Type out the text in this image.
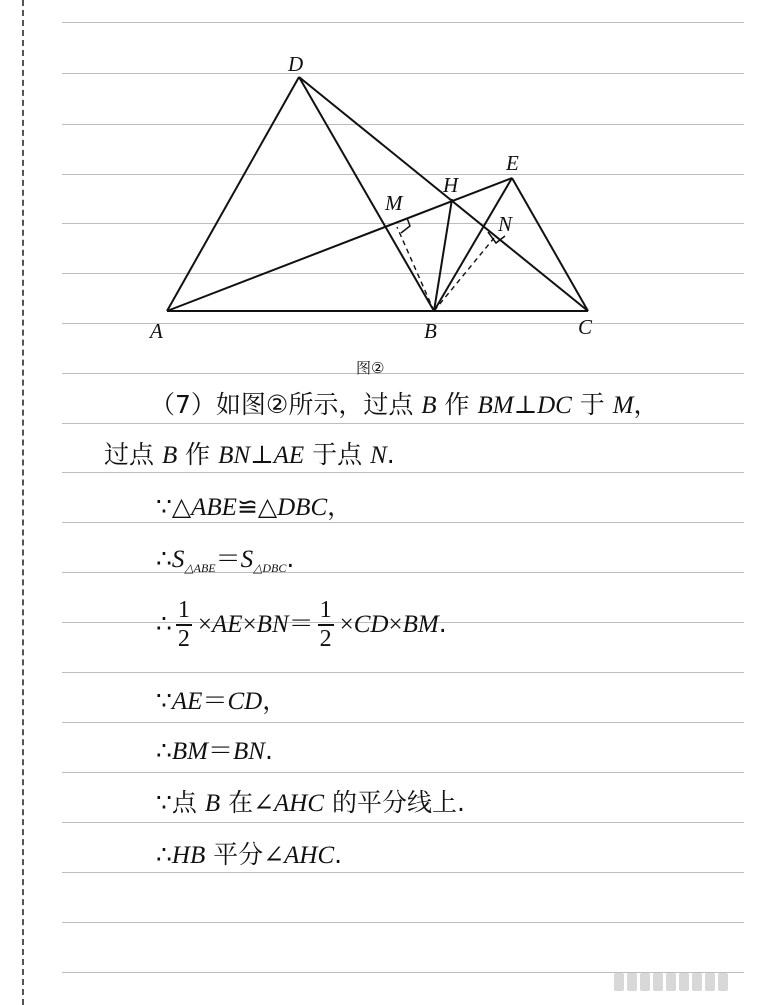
D
A	B	C
E
H
M
N
图②
（7）如图②所示，过点 B 作 BM⊥DC 于 M，
过点 B 作 BN⊥AE 于点 N.
∵△ABE≌△DBC，
$\therefore S_{\triangle ABE}=S_{\triangle DBC}$.
∴ $\frac{1}{2} \times AE\times BN= \frac{1}{2} \times CD\times BM$.
∵AE＝CD，
∴BM＝BN.
∵点 B 在∠AHC 的平分线上.
∴HB 平分∠AHC.
